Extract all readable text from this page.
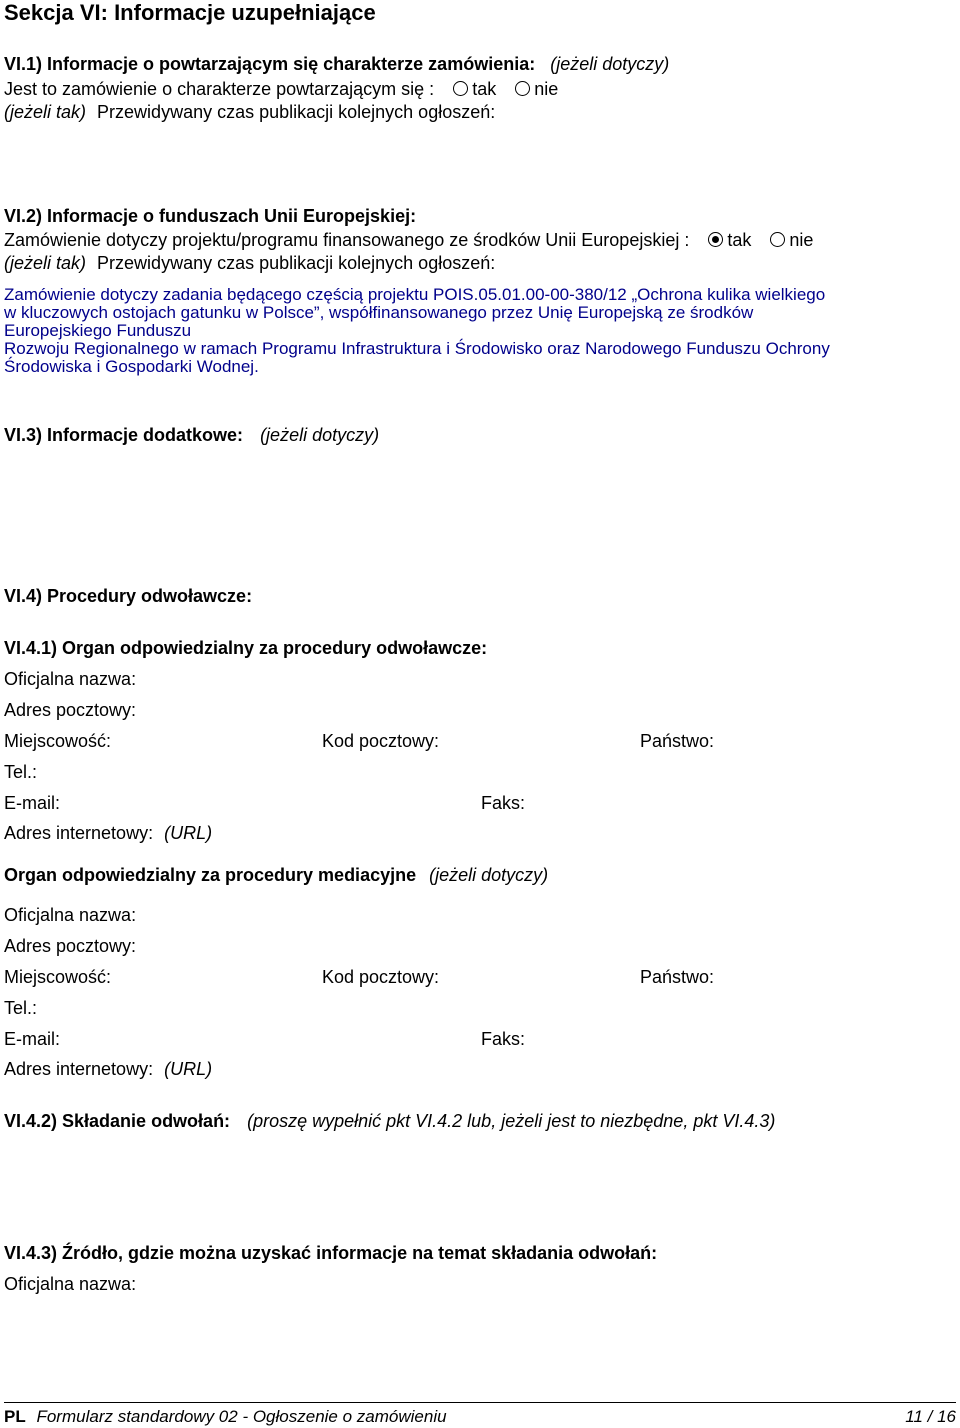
Sekcja VI: Informacje uzupełniające
VI.1) Informacje o powtarzającym się charakterze zamówienia: (jeżeli dotyczy)
Jest to zamówienie o charakterze powtarzającym się : tak nie
(jeżeli tak) Przewidywany czas publikacji kolejnych ogłoszeń:
VI.2) Informacje o funduszach Unii Europejskiej:
Zamówienie dotyczy projektu/programu finansowanego ze środków Unii Europejskiej : tak nie
(jeżeli tak) Przewidywany czas publikacji kolejnych ogłoszeń:
Zamówienie dotyczy zadania będącego częścią projektu POIS.05.01.00-00-380/12 „Ochrona kulika wielkiego
w kluczowych ostojach gatunku w Polsce”, współfinansowanego przez Unię Europejską ze środków
Europejskiego Funduszu
Rozwoju Regionalnego w ramach Programu Infrastruktura i Środowisko oraz Narodowego Funduszu Ochrony
Środowiska i Gospodarki Wodnej.
VI.3) Informacje dodatkowe: (jeżeli dotyczy)
VI.4) Procedury odwoławcze:
VI.4.1) Organ odpowiedzialny za procedury odwoławcze:
Oficjalna nazwa:
Adres pocztowy:
Miejscowość:	Kod pocztowy:	Państwo:
Tel.:
E-mail:	Faks:
Adres internetowy: (URL)
Organ odpowiedzialny za procedury mediacyjne (jeżeli dotyczy)
Oficjalna nazwa:
Adres pocztowy:
Miejscowość:	Kod pocztowy:	Państwo:
Tel.:
E-mail:	Faks:
Adres internetowy: (URL)
VI.4.2) Składanie odwołań: (proszę wypełnić pkt VI.4.2 lub, jeżeli jest to niezbędne, pkt VI.4.3)
VI.4.3) Źródło, gdzie można uzyskać informacje na temat składania odwołań:
Oficjalna nazwa:
PL Formularz standardowy 02 - Ogłoszenie o zamówieniu	11 / 16
